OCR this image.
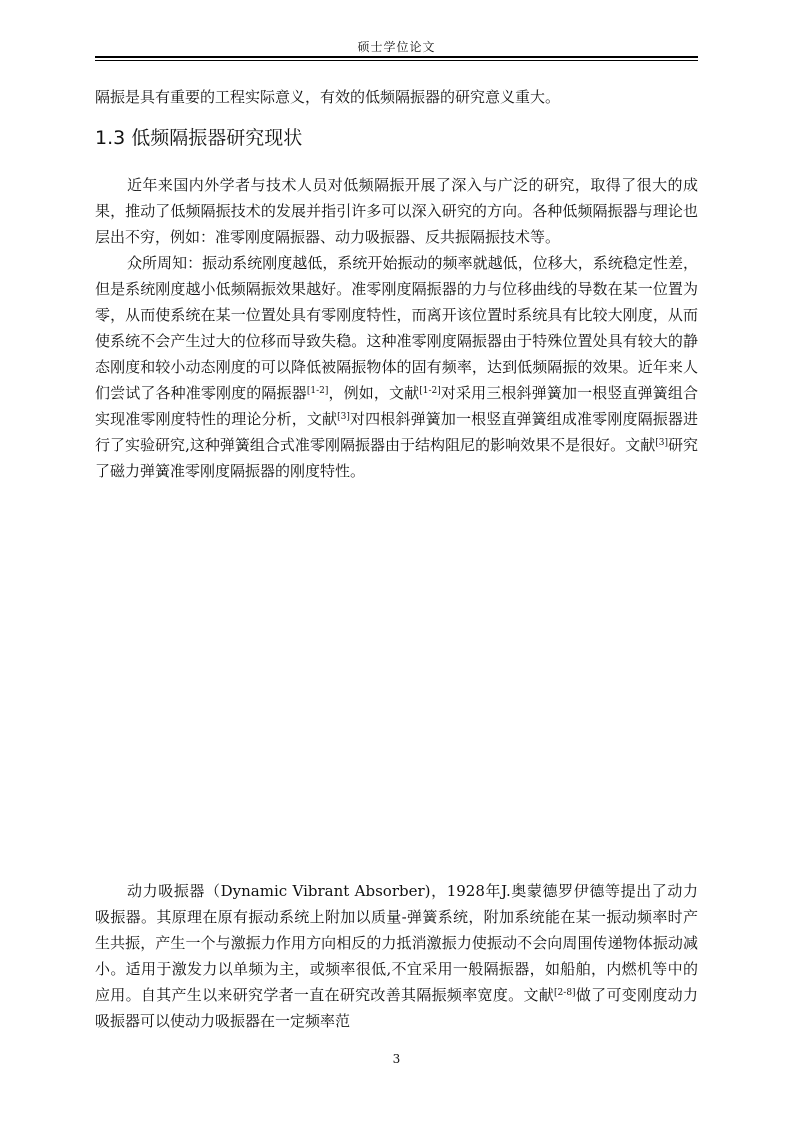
硕士学位论文

隔振是具有重要的工程实际意义，有效的低频隔振器的研究意义重大。

1.3 低频隔振器研究现状

近年来国内外学者与技术人员对低频隔振开展了深入与广泛的研究，取得了很大的成果，推动了低频隔振技术的发展并指引许多可以深入研究的方向。各种低频隔振器与理论也层出不穷，例如：准零刚度隔振器、动力吸振器、反共振隔振技术等。

众所周知：振动系统刚度越低，系统开始振动的频率就越低，位移大，系统稳定性差，但是系统刚度越小低频隔振效果越好。准零刚度隔振器的力与位移曲线的导数在某一位置为零，从而使系统在某一位置处具有零刚度特性，而离开该位置时系统具有比较大刚度，从而使系统不会产生过大的位移而导致失稳。这种准零刚度隔振器由于特殊位置处具有较大的静态刚度和较小动态刚度的可以降低被隔振物体的固有频率，达到低频隔振的效果。近年来人们尝试了各种准零刚度的隔振器[1-2]，例如，文献[1-2]对采用三根斜弹簧加一根竖直弹簧组合实现准零刚度特性的理论分析，文献[3]对四根斜弹簧加一根竖直弹簧组成准零刚度隔振器进行了实验研究,这种弹簧组合式准零刚隔振器由于结构阻尼的影响效果不是很好。文献[3]研究了磁力弹簧准零刚度隔振器的刚度特性。

动力吸振器（Dynamic Vibrant Absorber)，1928年J.奥蒙德罗伊德等提出了动力吸振器。其原理在原有振动系统上附加以质量-弹簧系统，附加系统能在某一振动频率时产生共振，产生一个与激振力作用方向相反的力抵消激振力使振动不会向周围传递物体振动减小。适用于激发力以单频为主，或频率很低,不宜采用一般隔振器，如船舶，内燃机等中的应用。自其产生以来研究学者一直在研究改善其隔振频率宽度。文献[2-8]做了可变刚度动力吸振器可以使动力吸振器在一定频率范

3
